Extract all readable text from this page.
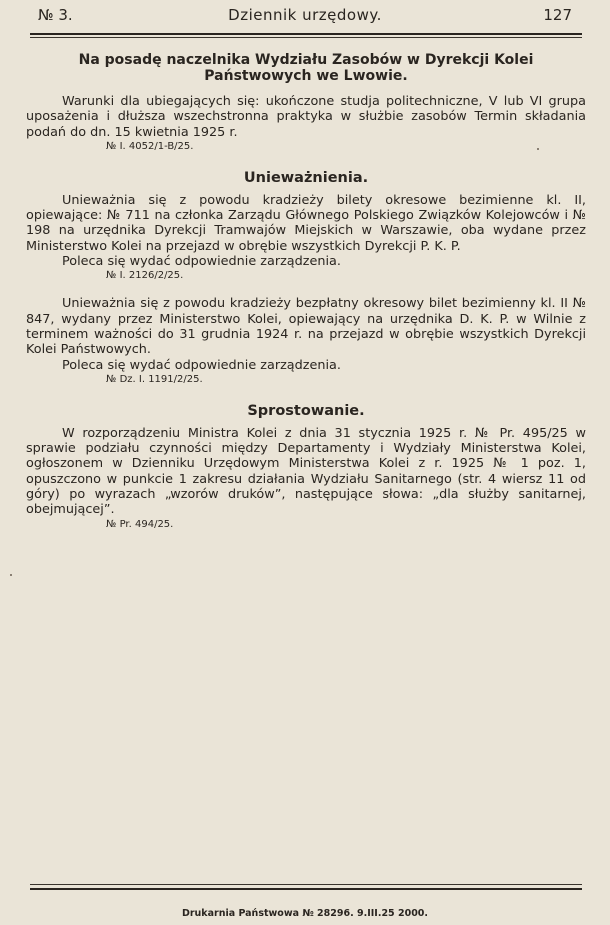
№ 3.	Dziennik urzędowy.	127

Na posadę naczelnika Wydziału Zasobów w Dyrekcji Kolei Państwowych we Lwowie.

Warunki dla ubiegających się: ukończone studja politechniczne, V lub VI grupa uposażenia i dłuższa wszechstronna praktyka w służbie zasobów Termin składania podań do dn. 15 kwietnia 1925 r.

№ I. 4052/1-B/25.

Unieważnienia.

Unieważnia się z powodu kradzieży bilety okresowe bezimienne kl. II, opiewające: № 711 na członka Zarządu Głównego Polskiego Związków Kolejowców i № 198 na urzędnika Dyrekcji Tramwajów Miejskich w Warszawie, oba wydane przez Ministerstwo Kolei na przejazd w obrębie wszystkich Dyrekcji P. K. P.

Poleca się wydać odpowiednie zarządzenia.

№ I. 2126/2/25.

Unieważnia się z powodu kradzieży bezpłatny okresowy bilet bezimienny kl. II № 847, wydany przez Ministerstwo Kolei, opiewający na urzędnika D. K. P. w Wilnie z terminem ważności do 31 grudnia 1924 r. na przejazd w obrębie wszystkich Dyrekcji Kolei Państwowych.

Poleca się wydać odpowiednie zarządzenia.

№ Dz. I. 1191/2/25.

Sprostowanie.

W rozporządzeniu Ministra Kolei z dnia 31 stycznia 1925 r. № Pr. 495/25 w sprawie podziału czynności między Departamenty i Wydziały Ministerstwa Kolei, ogłoszonem w Dzienniku Urzędowym Ministerstwa Kolei z r. 1925 № 1 poz. 1, opuszczono w punkcie 1 zakresu działania Wydziału Sanitarnego (str. 4 wiersz 11 od góry) po wyrazach „wzorów druków”, następujące słowa: „dla służby sanitarnej, obejmującej”.

№ Pr. 494/25.

Drukarnia Państwowa № 28296. 9.III.25 2000.
